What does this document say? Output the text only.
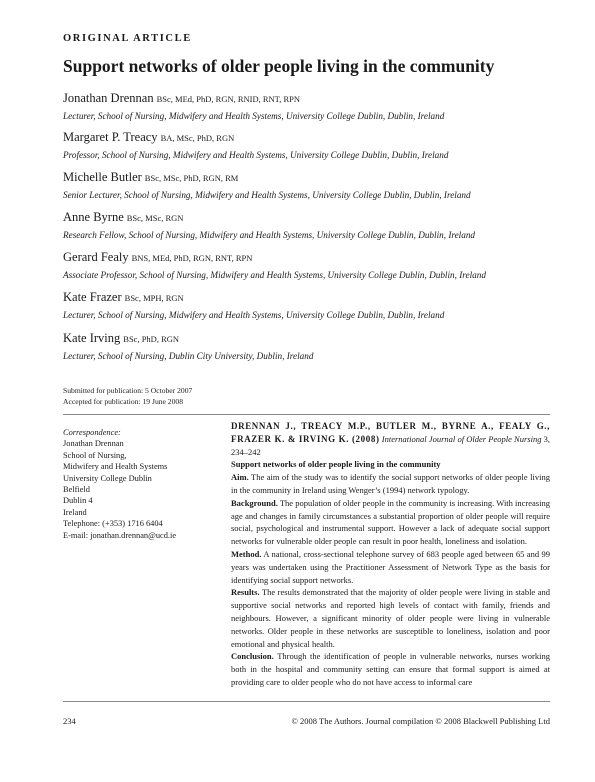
ORIGINAL ARTICLE
Support networks of older people living in the community
Jonathan Drennan BSc, MEd, PhD, RGN, RNID, RNT, RPN
Lecturer, School of Nursing, Midwifery and Health Systems, University College Dublin, Dublin, Ireland
Margaret P. Treacy BA, MSc, PhD, RGN
Professor, School of Nursing, Midwifery and Health Systems, University College Dublin, Dublin, Ireland
Michelle Butler BSc, MSc, PhD, RGN, RM
Senior Lecturer, School of Nursing, Midwifery and Health Systems, University College Dublin, Dublin, Ireland
Anne Byrne BSc, MSc, RGN
Research Fellow, School of Nursing, Midwifery and Health Systems, University College Dublin, Dublin, Ireland
Gerard Fealy BNS, MEd, PhD, RGN, RNT, RPN
Associate Professor, School of Nursing, Midwifery and Health Systems, University College Dublin, Dublin, Ireland
Kate Frazer BSc, MPH, RGN
Lecturer, School of Nursing, Midwifery and Health Systems, University College Dublin, Dublin, Ireland
Kate Irving BSc, PhD, RGN
Lecturer, School of Nursing, Dublin City University, Dublin, Ireland
Submitted for publication: 5 October 2007
Accepted for publication: 19 June 2008
Correspondence:
Jonathan Drennan
School of Nursing,
Midwifery and Health Systems
University College Dublin
Belfield
Dublin 4
Ireland
Telephone: (+353) 1716 6404
E-mail: jonathan.drennan@ucd.ie

DRENNAN J., TREACY M.P., BUTLER M., BYRNE A., FEALY G., FRAZER K. & IRVING K. (2008) International Journal of Older People Nursing 3, 234–242

Support networks of older people living in the community

Aim. The aim of the study was to identify the social support networks of older people living in the community in Ireland using Wenger’s (1994) network typology.

Background. The population of older people in the community is increasing. With increasing age and changes in family circumstances a substantial proportion of older people will require social, psychological and instrumental support. However a lack of adequate social support networks for vulnerable older people can result in poor health, loneliness and isolation.

Method. A national, cross-sectional telephone survey of 683 people aged between 65 and 99 years was undertaken using the Practitioner Assessment of Network Type as the basis for identifying social support networks.

Results. The results demonstrated that the majority of older people were living in stable and supportive social networks and reported high levels of contact with family, friends and neighbours. However, a significant minority of older people were living in vulnerable networks. Older people in these networks are susceptible to loneliness, isolation and poor emotional and physical health.

Conclusion. Through the identification of people in vulnerable networks, nurses working both in the hospital and community setting can ensure that formal support is aimed at providing care to older people who do not have access to informal care

234	© 2008 The Authors. Journal compilation © 2008 Blackwell Publishing Ltd
